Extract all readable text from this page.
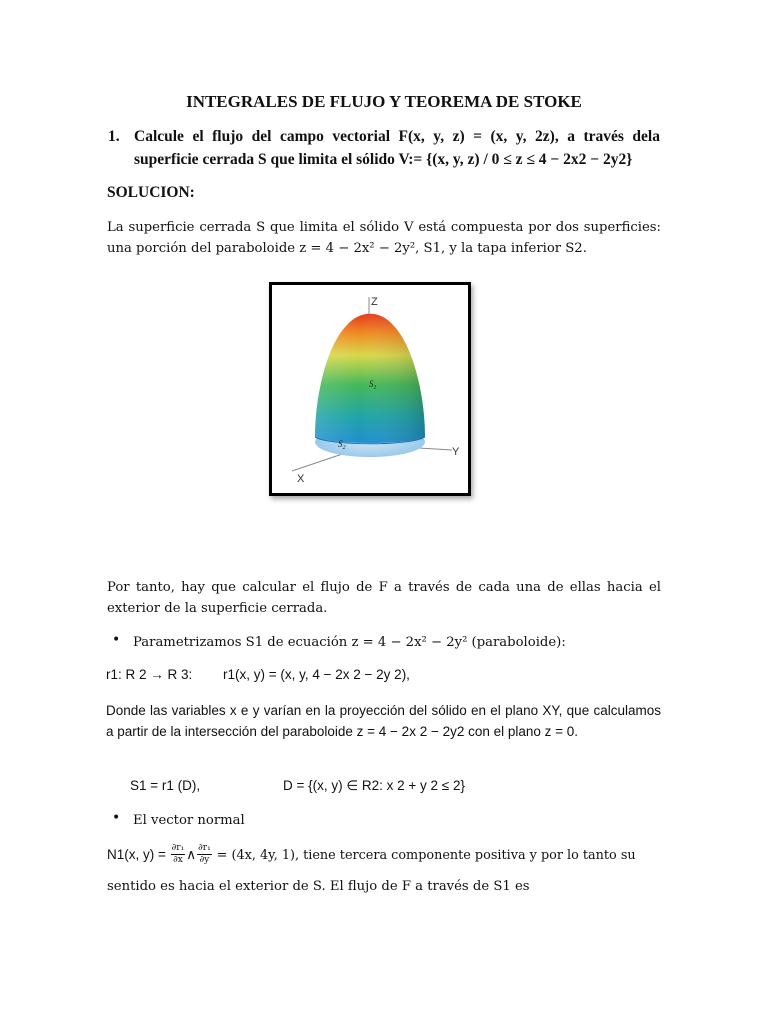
INTEGRALES DE FLUJO Y TEOREMA DE STOKE
1. Calcule el flujo del campo vectorial F(x, y, z) = (x, y, 2z), a través dela
superficie cerrada S que limita el sólido V:= {(x, y, z) / 0 ≤ z ≤ 4 − 2x2 − 2y2}
SOLUCION:
La superficie cerrada S que limita el sólido V está compuesta por dos superficies: una porción del paraboloide z = 4 − 2x² − 2y², S1, y la tapa inferior S2.
Z
Y
X
$S_1$
$S_2$
Por tanto, hay que calcular el flujo de F a través de cada una de ellas hacia el exterior de la superficie cerrada.
• Parametrizamos S1 de ecuación z = 4 − 2x² − 2y² (paraboloide):
r1: R 2 → R 3: r1(x, y) = (x, y, 4 − 2x 2 − 2y 2),
Donde las variables x e y varían en la proyección del sólido en el plano XY, que calculamos a partir de la intersección del paraboloide z = 4 − 2x 2 − 2y2 con el plano z = 0.
S1 = r1 (D),	D = {(x, y) ∈ R2: x 2 + y 2 ≤ 2}
• El vector normal
N1(x, $y) = \frac{\text{∂r₁}}{\partial x}$ ∧ $\frac{\text{∂r₁}}{\partial y} = (4x$, 4y, 1), tiene tercera componente positiva y por lo tanto su
sentido es hacia el exterior de S. El flujo de F a través de S1 es
